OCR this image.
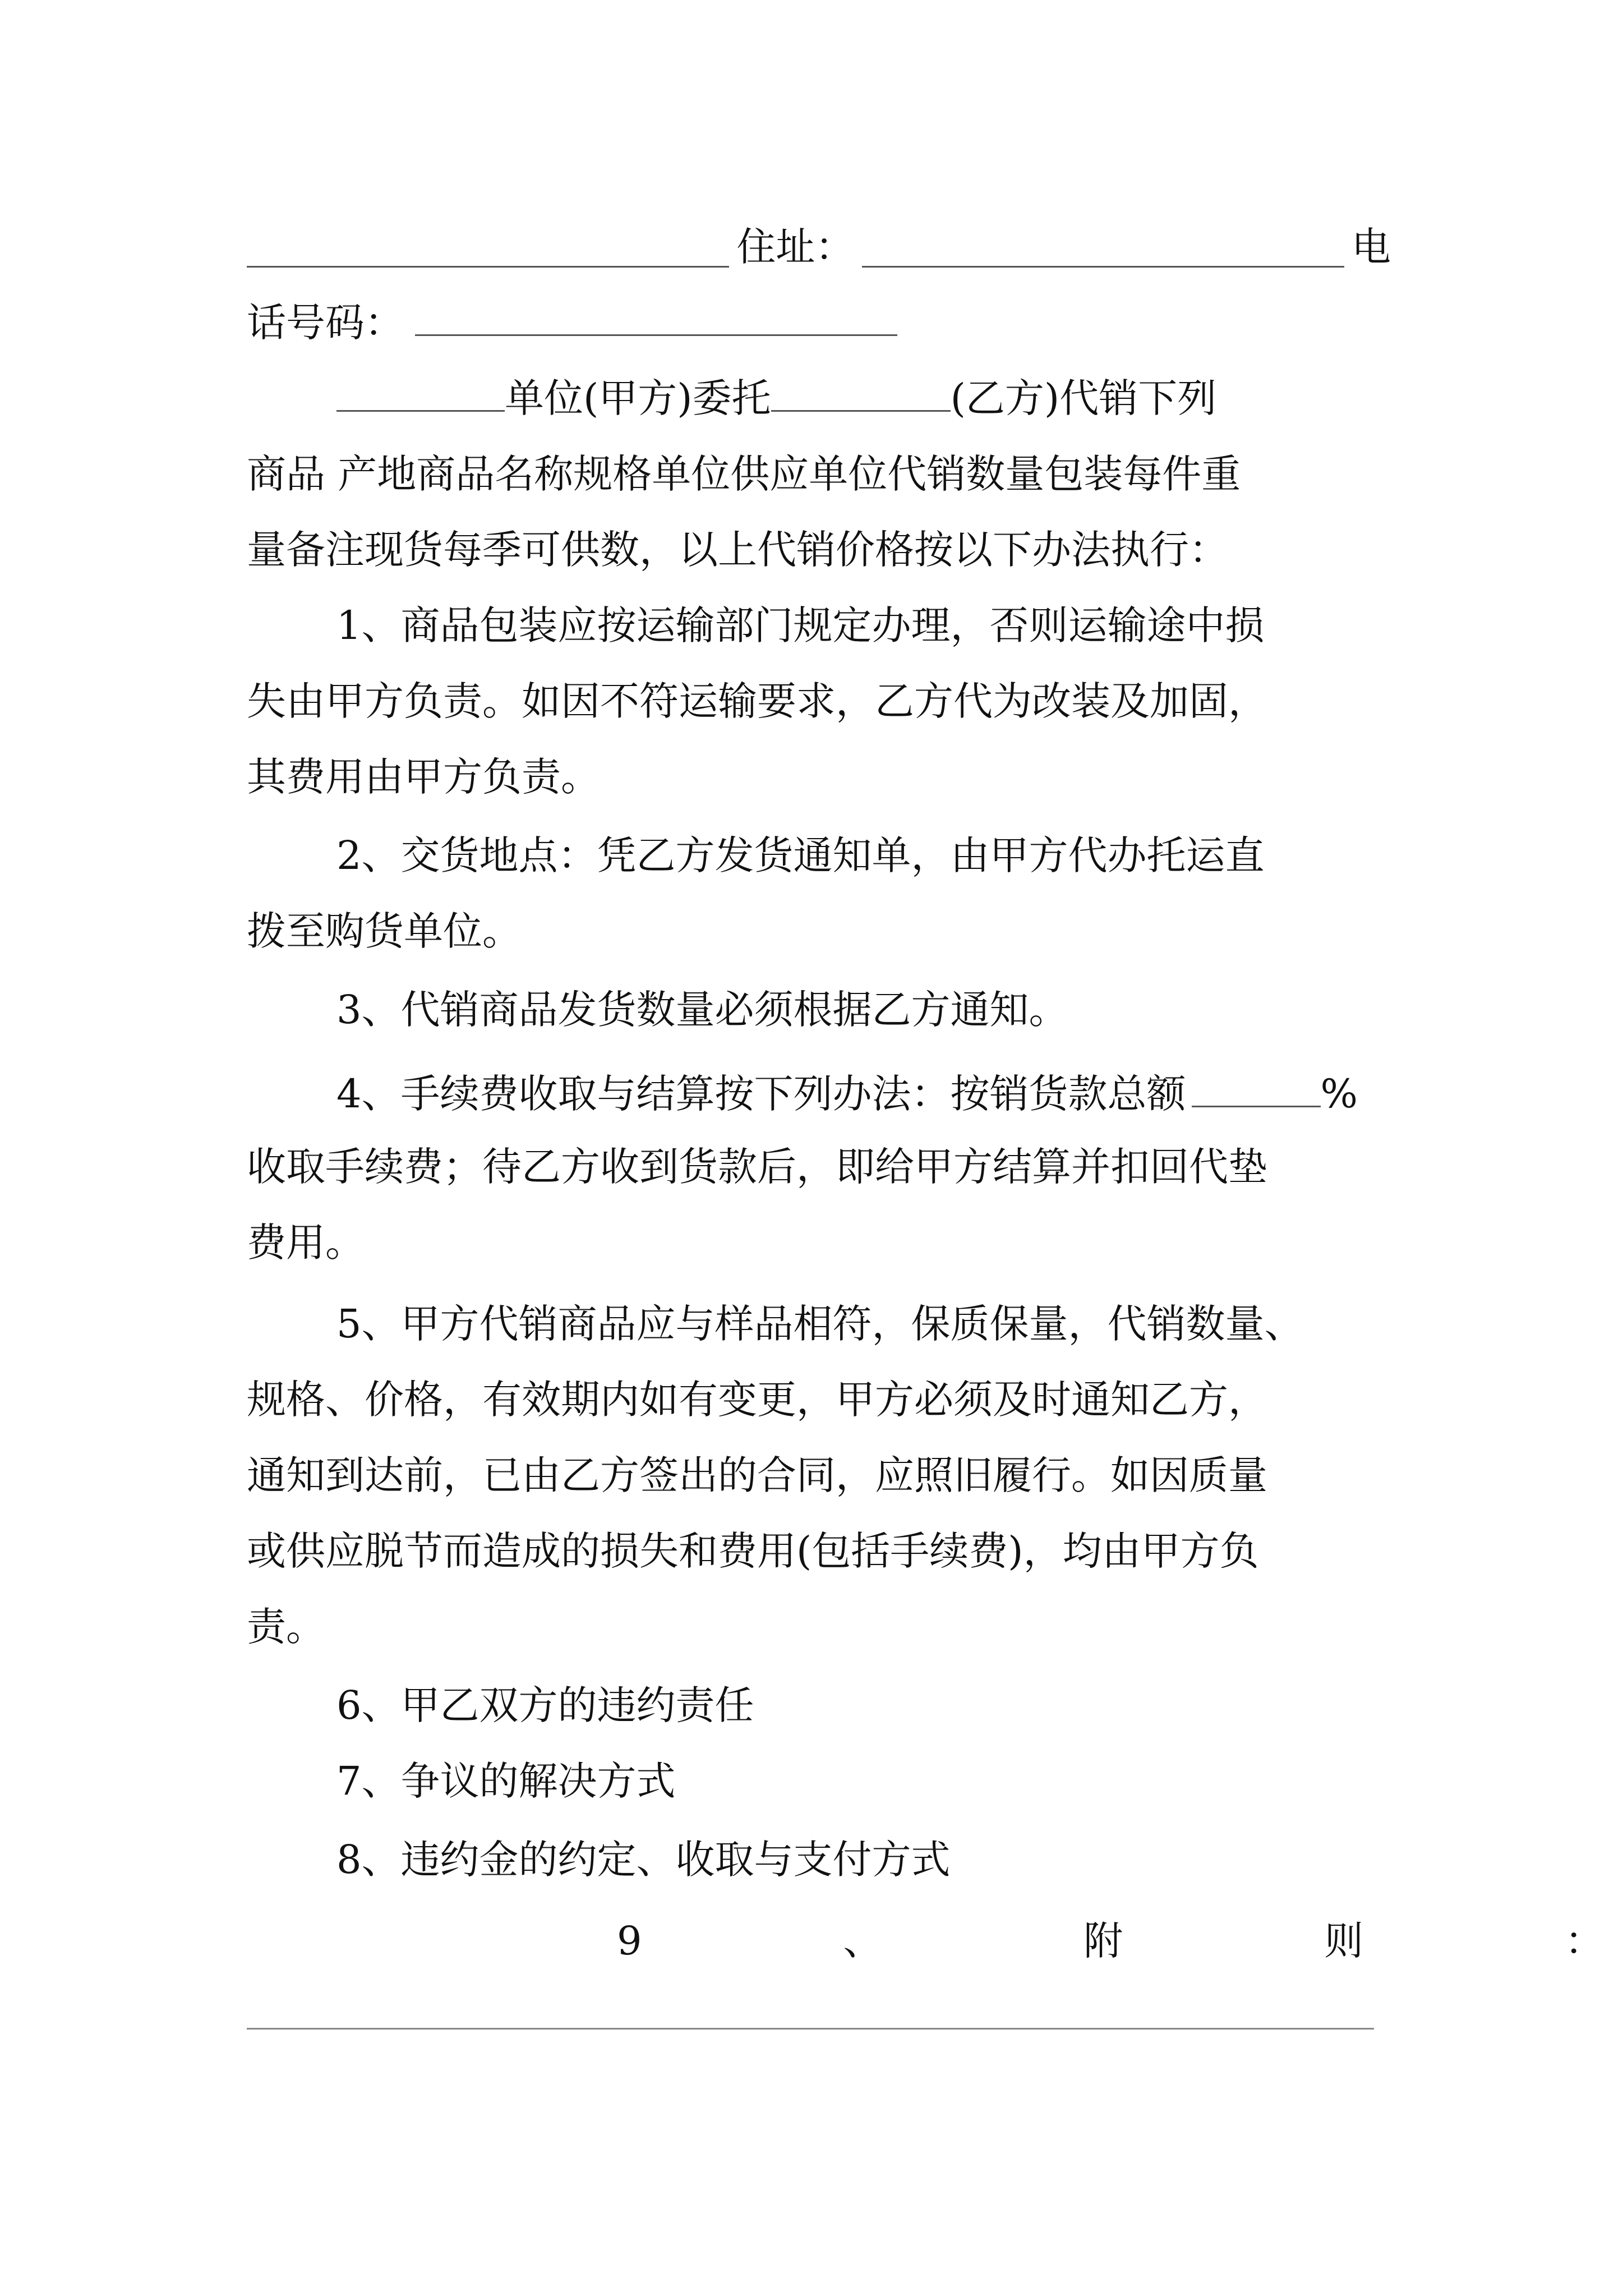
住址：	电
话号码：
单位(甲方)委托	(乙方)代销下列
商品 产地商品名称规格单位供应单位代销数量包装每件重
量备注现货每季可供数，以上代销价格按以下办法执行：
1、商品包装应按运输部门规定办理，否则运输途中损
失由甲方负责。如因不符运输要求，乙方代为改装及加固，
其费用由甲方负责。
2、交货地点：凭乙方发货通知单，由甲方代办托运直
拨至购货单位。
3、代销商品发货数量必须根据乙方通知。
4、手续费收取与结算按下列办法：按销货款总额	%
收取手续费；待乙方收到货款后，即给甲方结算并扣回代垫
费用。
5、甲方代销商品应与样品相符，保质保量，代销数量、
规格、价格，有效期内如有变更，甲方必须及时通知乙方，
通知到达前，已由乙方签出的合同，应照旧履行。如因质量
或供应脱节而造成的损失和费用(包括手续费)，均由甲方负
责。
6、甲乙双方的违约责任
7、争议的解决方式
8、违约金的约定、收取与支付方式
9	、	附	则	：
